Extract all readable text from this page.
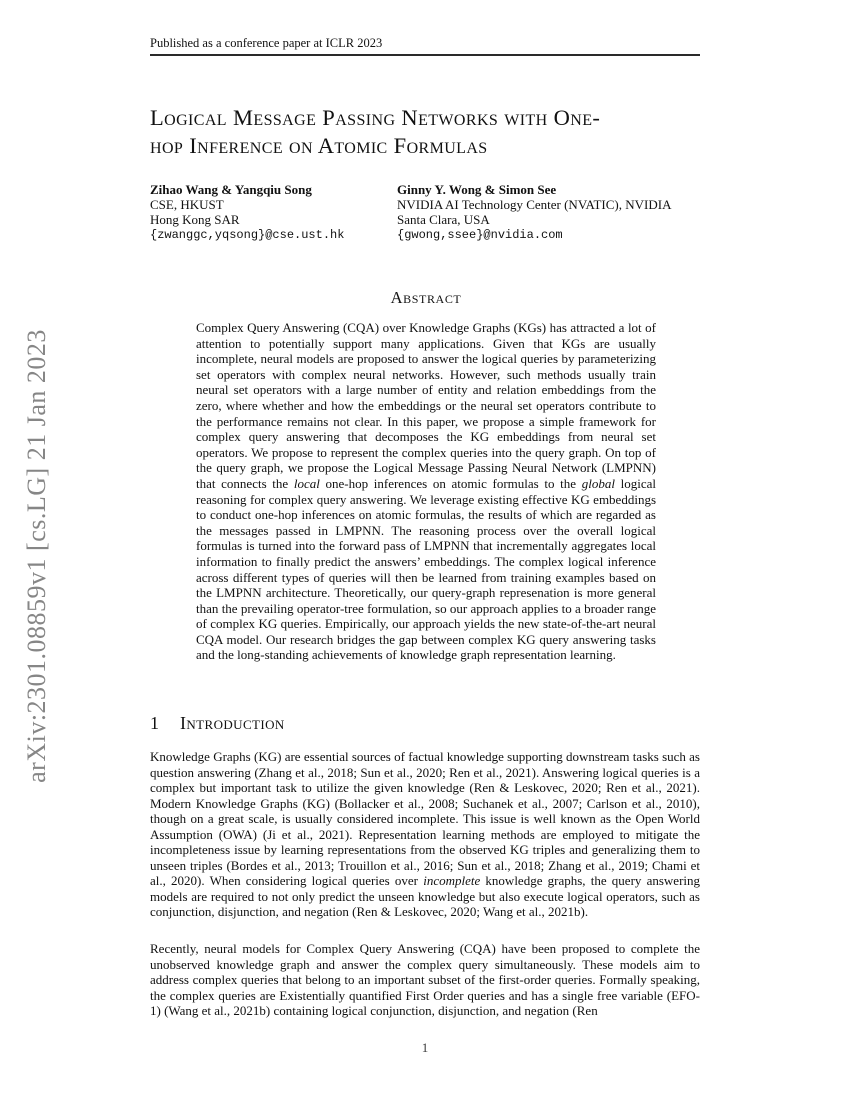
arXiv:2301.08859v1 [cs.LG] 21 Jan 2023
Published as a conference paper at ICLR 2023
Logical Message Passing Networks with One-
hop Inference on Atomic Formulas
Zihao Wang & Yangqiu Song
CSE, HKUST
Hong Kong SAR
{zwanggc,yqsong}@cse.ust.hk
Ginny Y. Wong & Simon See
NVIDIA AI Technology Center (NVATIC), NVIDIA
Santa Clara, USA
{gwong,ssee}@nvidia.com
Abstract
Complex Query Answering (CQA) over Knowledge Graphs (KGs) has attracted a lot of attention to potentially support many applications. Given that KGs are usually incomplete, neural models are proposed to answer the logical queries by parameterizing set operators with complex neural networks. However, such methods usually train neural set operators with a large number of entity and relation embeddings from the zero, where whether and how the embeddings or the neural set operators contribute to the performance remains not clear. In this paper, we propose a simple framework for complex query answering that decomposes the KG embeddings from neural set operators. We propose to represent the complex queries into the query graph. On top of the query graph, we propose the Logical Message Passing Neural Network (LMPNN) that connects the local one-hop inferences on atomic formulas to the global logical reasoning for complex query answering. We leverage existing effective KG embeddings to conduct one-hop inferences on atomic formulas, the results of which are regarded as the messages passed in LMPNN. The reasoning process over the overall logical formulas is turned into the forward pass of LMPNN that incrementally aggregates local information to finally predict the answers’ embeddings. The complex logical inference across different types of queries will then be learned from training examples based on the LMPNN architecture. Theoretically, our query-graph represenation is more general than the prevailing operator-tree formulation, so our approach applies to a broader range of complex KG queries. Empirically, our approach yields the new state-of-the-art neural CQA model. Our research bridges the gap between complex KG query answering tasks and the long-standing achievements of knowledge graph representation learning.
1 Introduction

Knowledge Graphs (KG) are essential sources of factual knowledge supporting downstream tasks such as question answering (Zhang et al., 2018; Sun et al., 2020; Ren et al., 2021). Answering logical queries is a complex but important task to utilize the given knowledge (Ren & Leskovec, 2020; Ren et al., 2021). Modern Knowledge Graphs (KG) (Bollacker et al., 2008; Suchanek et al., 2007; Carlson et al., 2010), though on a great scale, is usually considered incomplete. This issue is well known as the Open World Assumption (OWA) (Ji et al., 2021). Representation learning methods are employed to mitigate the incompleteness issue by learning representations from the observed KG triples and generalizing them to unseen triples (Bordes et al., 2013; Trouillon et al., 2016; Sun et al., 2018; Zhang et al., 2019; Chami et al., 2020). When considering logical queries over incomplete knowledge graphs, the query answering models are required to not only predict the unseen knowledge but also execute logical operators, such as conjunction, disjunction, and negation (Ren & Leskovec, 2020; Wang et al., 2021b).

Recently, neural models for Complex Query Answering (CQA) have been proposed to complete the unobserved knowledge graph and answer the complex query simultaneously. These models aim to address complex queries that belong to an important subset of the first-order queries. Formally speaking, the complex queries are Existentially quantified First Order queries and has a single free variable (EFO-1) (Wang et al., 2021b) containing logical conjunction, disjunction, and negation (Ren

1
